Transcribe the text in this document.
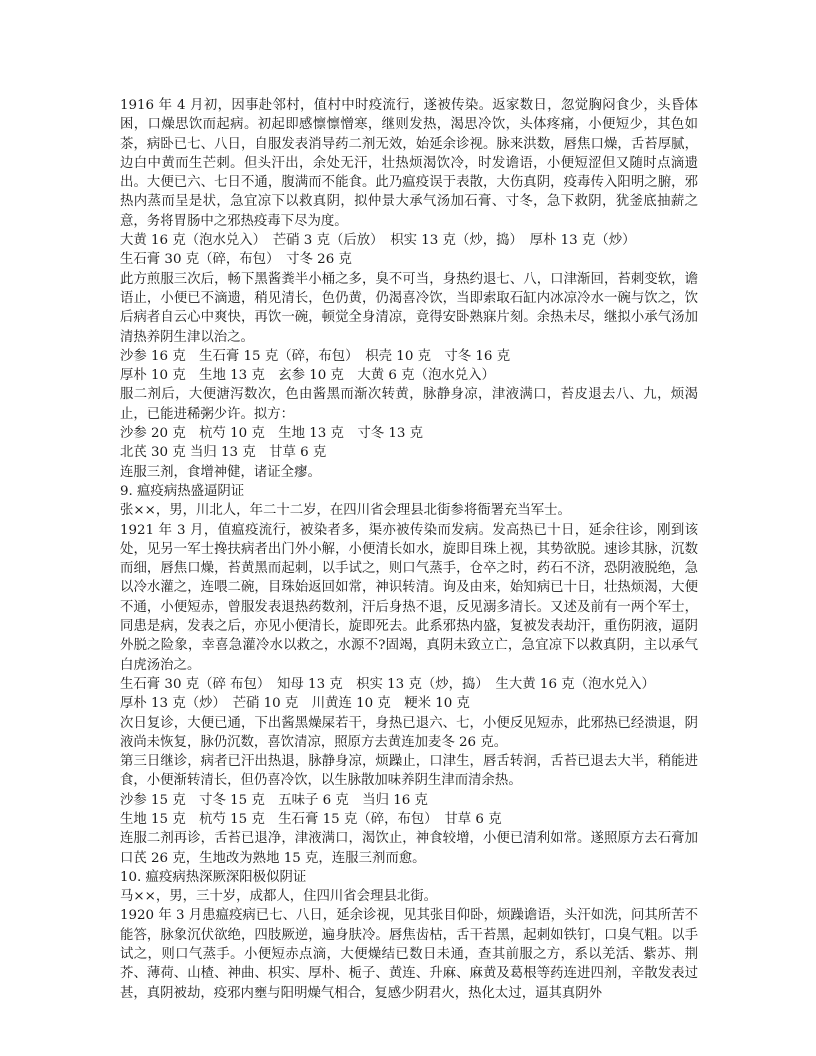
1916 年 4 月初，因事赴邻村，值村中时疫流行，遂被传染。返家数日，忽觉胸闷食少，头昏体困，口燥思饮而起病。初起即感懔懔憎寒，继则发热，渴思冷饮，头体疼痛，小便短少，其色如茶，病卧已七、八日，自服发表消导药二剂无效，始延余诊视。脉来洪数，唇焦口燥，舌苔厚腻，边白中黄而生芒刺。但头汗出，余处无汗，壮热烦渴饮冷，时发谵语，小便短涩但又随时点滴遗出。大便已六、七日不通，腹满而不能食。此乃瘟疫误于表散，大伤真阴，疫毒传入阳明之腑，邪热内蒸而呈是状，急宜凉下以救真阴，拟仲景大承气汤加石膏、寸冬，急下救阴，犹釜底抽薪之意，务将胃肠中之邪热疫毒下尽为度。

大黄 16 克（泡水兑入）　芒硝 3 克（后放）　枳实 13 克（炒，捣）　厚朴 13 克（炒）

生石膏 30 克（碎，布包）　寸冬 26 克

此方煎服三次后，畅下黑酱粪半小桶之多，臭不可当，身热约退七、八，口津渐回，苔刺变软，谵语止，小便已不滴遗，稍见清长，色仍黄，仍渴喜冷饮，当即索取石缸内冰凉冷水一碗与饮之，饮后病者自云心中爽快，再饮一碗，顿觉全身清凉，竟得安卧熟寐片刻。余热未尽，继拟小承气汤加清热养阴生津以治之。

沙参 16 克　生石膏 15 克（碎，布包）　枳壳 10 克　寸冬 16 克

厚朴 10 克　生地 13 克　玄参 10 克　大黄 6 克（泡水兑入）

服二剂后，大便溏泻数次，色由酱黑而渐次转黄，脉静身凉，津液满口，苔皮退去八、九，烦渴止，已能进稀粥少许。拟方：

沙参 20 克　杭芍 10 克　生地 13 克　寸冬 13 克

北芪 30 克 当归 13 克　甘草 6 克

连服三剂，食增神健，诸证全瘳。

9. 瘟疫病热盛逼阴证

张××，男，川北人，年二十二岁，在四川省会理县北街参将衙署充当军士。

1921 年 3 月，值瘟疫流行，被染者多，渠亦被传染而发病。发高热已十日，延余往诊，刚到该处，见另一军士搀扶病者出门外小解，小便清长如水，旋即目珠上视，其势欲脱。速诊其脉，沉数而细，唇焦口燥，苔黄黑而起刺，以手试之，则口气蒸手，仓卒之时，药石不济，恐阴液脱绝，急以冷水灌之，连喂二碗，目珠始返回如常，神识转清。询及由来，始知病已十日，壮热烦渴，大便不通，小便短赤，曾服发表退热药数剂，汗后身热不退，反见溺多清长。又述及前有一两个军士，同患是病，发表之后，亦见小便清长，旋即死去。此系邪热内盛，复被发表劫汗，重伤阴液，逼阴外脱之险象，幸喜急灌冷水以救之，水源不?固竭，真阴未致立亡，急宜凉下以救真阴，主以承气白虎汤治之。

生石膏 30 克（碎 布包）　知母 13 克　枳实 13 克（炒，捣）　生大黄 16 克（泡水兑入）

厚朴 13 克（炒）　芒硝 10 克　川黄连 10 克　粳米 10 克

次日复诊，大便已通，下出酱黑燥屎若干，身热已退六、七，小便反见短赤，此邪热已经溃退，阴液尚未恢复，脉仍沉数，喜饮清凉，照原方去黄连加麦冬 26 克。

第三日继诊，病者已汗出热退，脉静身凉，烦躁止，口津生，唇舌转润，舌苔已退去大半，稍能进食，小便渐转清长，但仍喜冷饮，以生脉散加味养阴生津而清余热。

沙参 15 克　寸冬 15 克　五味子 6 克　当归 16 克

生地 15 克　杭芍 15 克　生石膏 15 克（碎，布包）　甘草 6 克

连服二剂再诊，舌苔已退净，津液满口，渴饮止，神食较增，小便已清利如常。遂照原方去石膏加口芪 26 克，生地改为熟地 15 克，连服三剂而愈。

10. 瘟疫病热深厥深阳极似阴证

马××，男，三十岁，成都人，住四川省会理县北街。

1920 年 3 月患瘟疫病已七、八日，延余诊视，见其张目仰卧，烦躁谵语，头汗如洗，问其所苦不能答，脉象沉伏欲绝，四肢厥逆，遍身肤冷。唇焦齿枯，舌干苔黑，起刺如铁钉，口臭气粗。以手试之，则口气蒸手。小便短赤点滴，大便燥结已数日未通，查其前服之方，系以羌活、紫苏、荆芥、薄荷、山楂、神曲、枳实、厚朴、栀子、黄连、升麻、麻黄及葛根等药连进四剂，辛散发表过甚，真阴被劫，疫邪内壅与阳明燥气相合，复感少阴君火，热化太过，逼其真阴外
